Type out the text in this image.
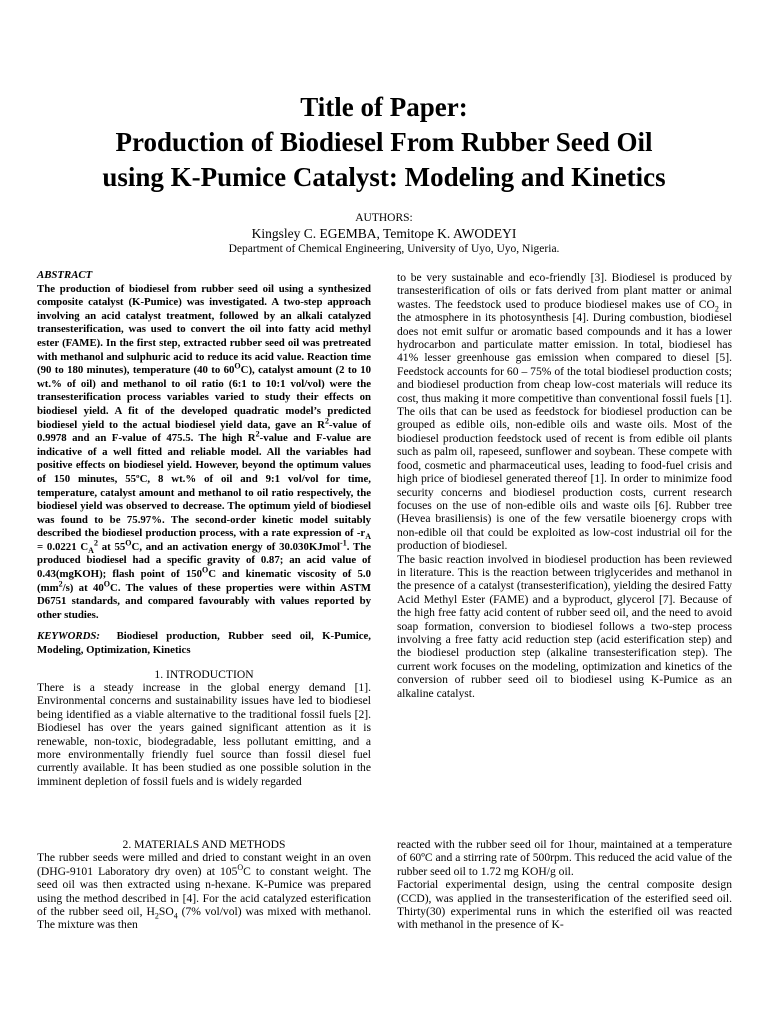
Title of Paper:
Production of Biodiesel From Rubber Seed Oil
using K-Pumice Catalyst: Modeling and Kinetics
AUTHORS:
Kingsley C. EGEMBA, Temitope K. AWODEYI
Department of Chemical Engineering, University of Uyo, Uyo, Nigeria.

ABSTRACT
The production of biodiesel from rubber seed oil using a synthesized composite catalyst (K-Pumice) was investigated. A two-step approach involving an acid catalyst treatment, followed by an alkali catalyzed transesterification, was used to convert the oil into fatty acid methyl ester (FAME). In the first step, extracted rubber seed oil was pretreated with methanol and sulphuric acid to reduce its acid value. Reaction time (90 to 180 minutes), temperature (40 to $60^OC$), catalyst amount (2 to 10 wt.% of oil) and methanol to oil ratio (6:1 to 10:1 vol/vol) were the transesterification process variables varied to study their effects on biodiesel yield. A fit of the developed quadratic model’s predicted biodiesel yield to the actual biodiesel yield data, gave an $R^2$-value of 0.9978 and an F-value of 475.5. The high $R^2$-value and F-value are indicative of a well fitted and reliable model. All the variables had positive effects on biodiesel yield. However, beyond the optimum values of 150 minutes, 55ºC, 8 wt.% of oil and 9:1 vol/vol for time, temperature, catalyst amount and methanol to oil ratio respectively, the biodiesel yield was observed to decrease. The optimum yield of biodiesel was found to be 75.97%. The second-order kinetic model suitably described the biodiesel production process, with a rate expression of $-r_A = 0.0221$ $C_A^2$ at $55^OC$, and an activation energy of 30.030KJmol$^{-1}$. The produced biodiesel had a specific gravity of 0.87; an acid value of 0.43(mgKOH); flash point of $150^OC$ and kinematic viscosity of 5.0 $(mm^2/s)$ at $40^OC$. The values of these properties were within ASTM D6751 standards, and compared favourably with values reported by other studies.

KEYWORDS: Biodiesel production, Rubber seed oil, K-Pumice, Modeling, Optimization, Kinetics

1. INTRODUCTION

There is a steady increase in the global energy demand [1]. Environmental concerns and sustainability issues have led to biodiesel being identified as a viable alternative to the traditional fossil fuels [2]. Biodiesel has over the years gained significant attention as it is renewable, non-toxic, biodegradable, less pollutant emitting, and a more environmentally friendly fuel source than fossil diesel fuel currently available. It has been studied as one possible solution in the imminent depletion of fossil fuels and is widely regarded

to be very sustainable and eco-friendly [3]. Biodiesel is produced by transesterification of oils or fats derived from plant matter or animal wastes. The feedstock used to produce biodiesel makes use of $CO_2$ in the atmosphere in its photosynthesis [4]. During combustion, biodiesel does not emit sulfur or aromatic based compounds and it has a lower hydrocarbon and particulate matter emission. In total, biodiesel has 41% lesser greenhouse gas emission when compared to diesel [5]. Feedstock accounts for 60 – 75% of the total biodiesel production costs; and biodiesel production from cheap low-cost materials will reduce its cost, thus making it more competitive than conventional fossil fuels [1]. The oils that can be used as feedstock for biodiesel production can be grouped as edible oils, non-edible oils and waste oils. Most of the biodiesel production feedstock used of recent is from edible oil plants such as palm oil, rapeseed, sunflower and soybean. These compete with food, cosmetic and pharmaceutical uses, leading to food-fuel crisis and high price of biodiesel generated thereof [1]. In order to minimize food security concerns and biodiesel production costs, current research focuses on the use of non-edible oils and waste oils [6]. Rubber tree (Hevea brasiliensis) is one of the few versatile bioenergy crops with non-edible oil that could be exploited as low-cost industrial oil for the production of biodiesel.

The basic reaction involved in biodiesel production has been reviewed in literature. This is the reaction between triglycerides and methanol in the presence of a catalyst (transesterification), yielding the desired Fatty Acid Methyl Ester (FAME) and a byproduct, glycerol [7]. Because of the high free fatty acid content of rubber seed oil, and the need to avoid soap formation, conversion to biodiesel follows a two-step process involving a free fatty acid reduction step (acid esterification step) and the biodiesel production step (alkaline transesterification step). The current work focuses on the modeling, optimization and kinetics of the conversion of rubber seed oil to biodiesel using K-Pumice as an alkaline catalyst.

2. MATERIALS AND METHODS

The rubber seeds were milled and dried to constant weight in an oven (DHG-9101 Laboratory dry oven) at $105^OC$ to constant weight. The seed oil was then extracted using n-hexane. K-Pumice was prepared using the method described in [4]. For the acid catalyzed esterification of the rubber seed oil, $H_2SO_4$ (7% vol/vol) was mixed with methanol. The mixture was then

reacted with the rubber seed oil for 1hour, maintained at a temperature of 60ºC and a stirring rate of 500rpm. This reduced the acid value of the rubber seed oil to 1.72 mg KOH/g oil.

Factorial experimental design, using the central composite design (CCD), was applied in the transesterification of the esterified seed oil. Thirty(30) experimental runs in which the esterified oil was reacted with methanol in the presence of K-
